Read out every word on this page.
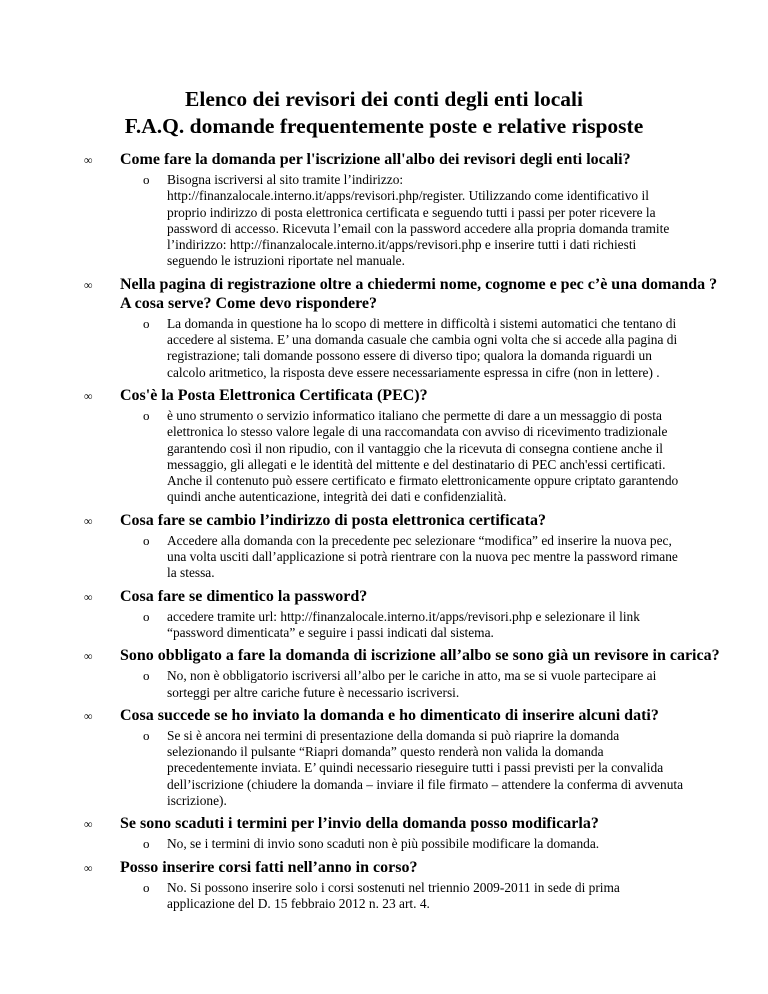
Elenco dei revisori dei conti degli enti locali
F.A.Q. domande frequentemente poste e relative risposte
∞ Come fare la domanda per l'iscrizione all'albo dei revisori degli enti locali?
o Bisogna iscriversi al sito tramite l’indirizzo: http://finanzalocale.interno.it/apps/revisori.php/register. Utilizzando come identificativo il proprio indirizzo di posta elettronica certificata e seguendo tutti i passi per poter ricevere la password di accesso. Ricevuta l’email con la password accedere alla propria domanda tramite l’indirizzo: http://finanzalocale.interno.it/apps/revisori.php e inserire tutti i dati richiesti seguendo le istruzioni riportate nel manuale.
∞ Nella pagina di registrazione oltre a chiedermi nome, cognome e pec c’è una domanda ? A cosa serve? Come devo rispondere?
o La domanda in questione ha lo scopo di mettere in difficoltà i sistemi automatici che tentano di accedere al sistema. E’ una domanda casuale che cambia ogni volta che si accede alla pagina di registrazione; tali domande possono essere di diverso tipo; qualora la domanda riguardi un calcolo aritmetico, la risposta deve essere necessariamente espressa in cifre (non in lettere) .
∞ Cos'è la Posta Elettronica Certificata (PEC)?
o è uno strumento o servizio informatico italiano che permette di dare a un messaggio di posta elettronica lo stesso valore legale di una raccomandata con avviso di ricevimento tradizionale garantendo così il non ripudio, con il vantaggio che la ricevuta di consegna contiene anche il messaggio, gli allegati e le identità del mittente e del destinatario di PEC anch'essi certificati. Anche il contenuto può essere certificato e firmato elettronicamente oppure criptato garantendo quindi anche autenticazione, integrità dei dati e confidenzialità.
∞ Cosa fare se cambio l’indirizzo di posta elettronica certificata?
o Accedere alla domanda con la precedente pec selezionare “modifica” ed inserire la nuova pec, una volta usciti dall’applicazione si potrà rientrare con la nuova pec mentre la password rimane la stessa.
∞ Cosa fare se dimentico la password?
o accedere tramite url: http://finanzalocale.interno.it/apps/revisori.php e selezionare il link “password dimenticata” e seguire i passi indicati dal sistema.
∞ Sono obbligato a fare la domanda di iscrizione all’albo se sono già un revisore in carica?
o No, non è obbligatorio iscriversi all’albo per le cariche in atto, ma se si vuole partecipare ai sorteggi per altre cariche future è necessario iscriversi.
∞ Cosa succede se ho inviato la domanda e ho dimenticato di inserire alcuni dati?
o Se si è ancora nei termini di presentazione della domanda si può riaprire la domanda selezionando il pulsante “Riapri domanda” questo renderà non valida la domanda precedentemente inviata. E’ quindi necessario rieseguire tutti i passi previsti per la convalida dell’iscrizione (chiudere la domanda – inviare il file firmato – attendere la conferma di avvenuta iscrizione).
∞ Se sono scaduti i termini per l’invio della domanda posso modificarla?
o No, se i termini di invio sono scaduti non è più possibile modificare la domanda.
∞ Posso inserire corsi fatti nell’anno in corso?
o No. Si possono inserire solo i corsi sostenuti nel triennio 2009-2011 in sede di prima applicazione del D. 15 febbraio 2012 n. 23 art. 4.
